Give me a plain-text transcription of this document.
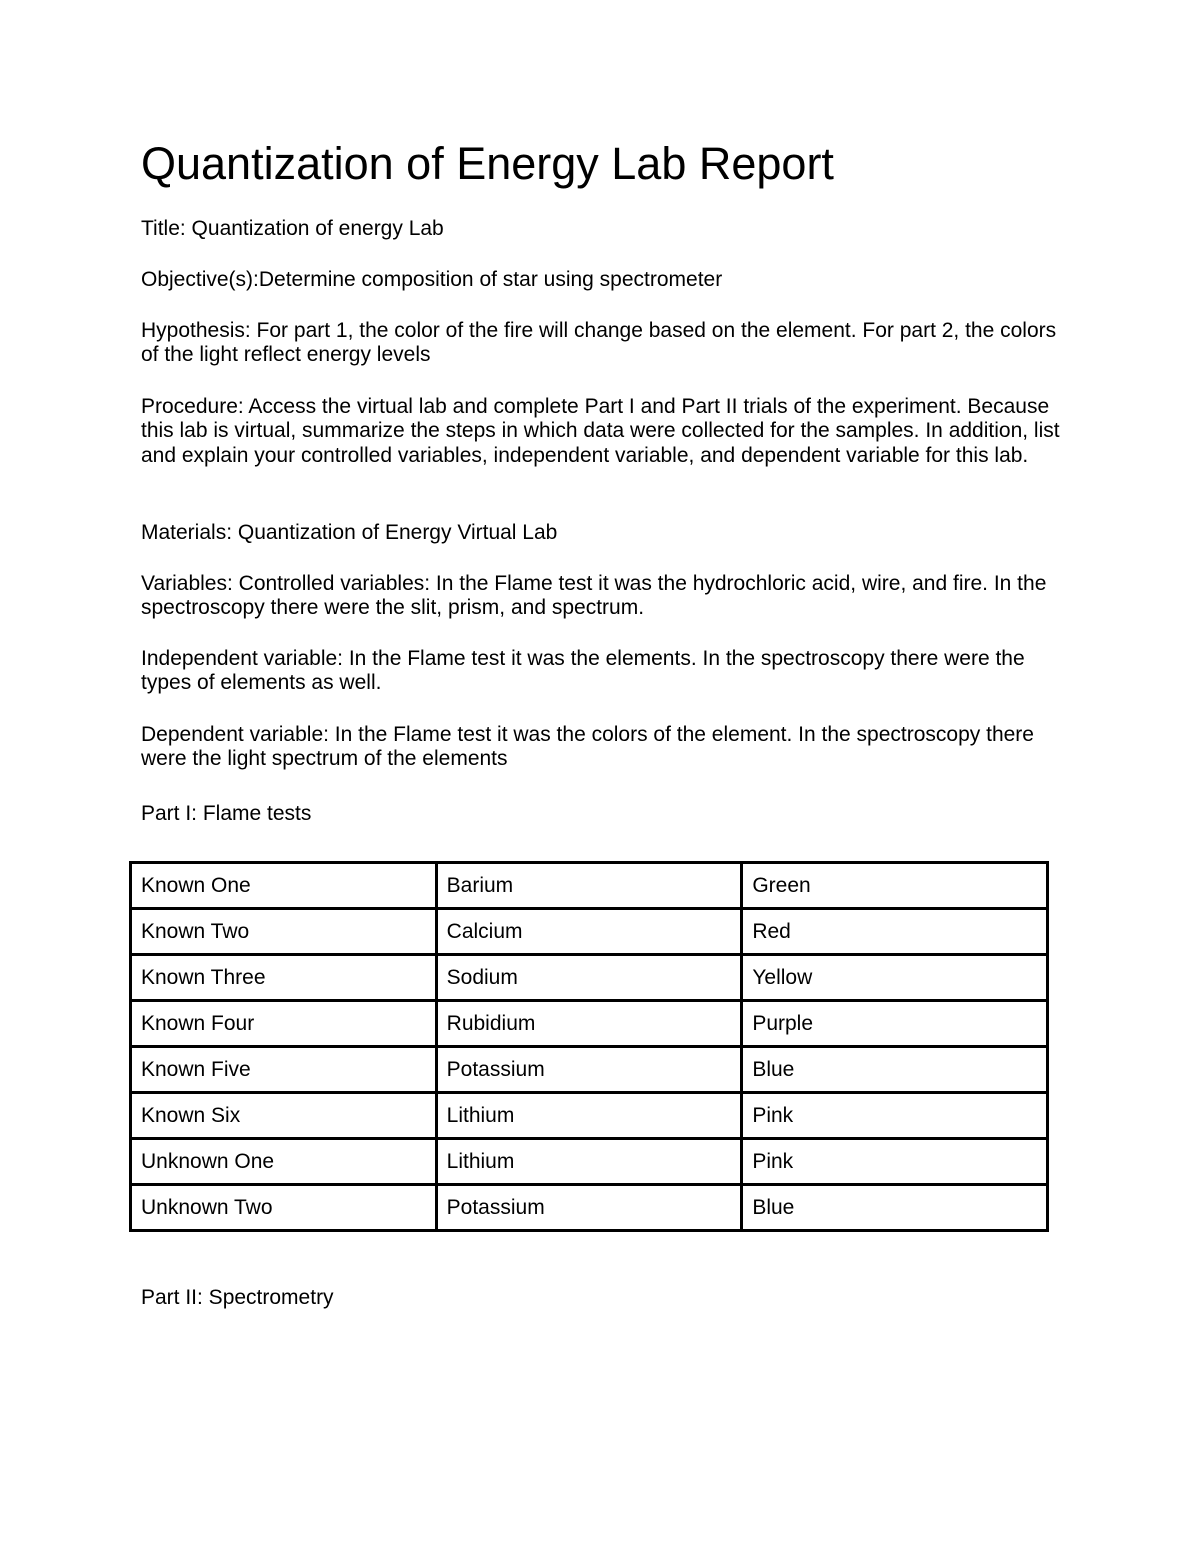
Quantization of Energy Lab Report

Title: Quantization of energy Lab

Objective(s):Determine composition of star using spectrometer

Hypothesis: For part 1, the color of the fire will change based on the element. For part 2, the colors of the light reflect energy levels

Procedure: Access the virtual lab and complete Part I and Part II trials of the experiment. Because this lab is virtual, summarize the steps in which data were collected for the samples. In addition, list and explain your controlled variables, independent variable, and dependent variable for this lab.

Materials: Quantization of Energy Virtual Lab

Variables: Controlled variables: In the Flame test it was the hydrochloric acid, wire, and fire. In the spectroscopy there were the slit, prism, and spectrum.

Independent variable: In the Flame test it was the elements. In the spectroscopy there were the types of elements as well.

Dependent variable: In the Flame test it was the colors of the element. In the spectroscopy there were the light spectrum of the elements

Part I: Flame tests

Known One	Barium	Green
Known Two	Calcium	Red
Known Three	Sodium	Yellow
Known Four	Rubidium	Purple
Known Five	Potassium	Blue
Known Six	Lithium	Pink
Unknown One	Lithium	Pink
Unknown Two	Potassium	Blue

Part II: Spectrometry
